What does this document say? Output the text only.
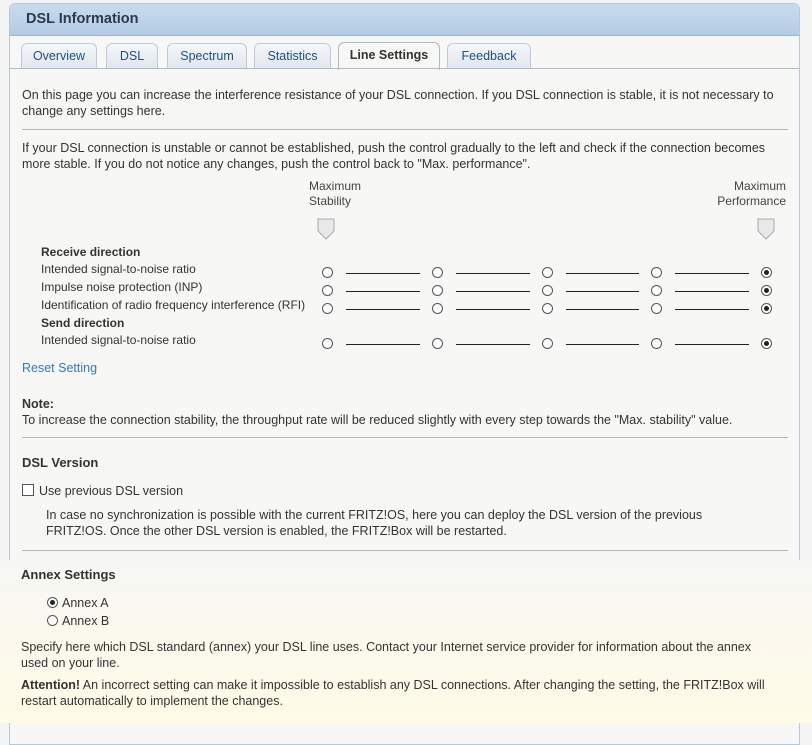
DSL Information
Overview	DSL	Spectrum	Statistics	Line Settings	Feedback
On this page you can increase the interference resistance of your DSL connection. If you DSL connection is stable, it is not necessary to change any settings here.
If your DSL connection is unstable or cannot be established, push the control gradually to the left and check if the connection becomes more stable. If you do not notice any changes, push the control back to "Max. performance".
Maximum Stability
Maximum Performance
Receive direction
Intended signal-to-noise ratio
Impulse noise protection (INP)
Identification of radio frequency interference (RFI)
Send direction
Intended signal-to-noise ratio
Reset Setting
Note:
To increase the connection stability, the throughput rate will be reduced slightly with every step towards the "Max. stability" value.
DSL Version
Use previous DSL version
In case no synchronization is possible with the current FRITZ!OS, here you can deploy the DSL version of the previous FRITZ!OS. Once the other DSL version is enabled, the FRITZ!Box will be restarted.
Annex Settings
Annex A
Annex B
Specify here which DSL standard (annex) your DSL line uses. Contact your Internet service provider for information about the annex used on your line.
Attention! An incorrect setting can make it impossible to establish any DSL connections. After changing the setting, the FRITZ!Box will restart automatically to implement the changes.
